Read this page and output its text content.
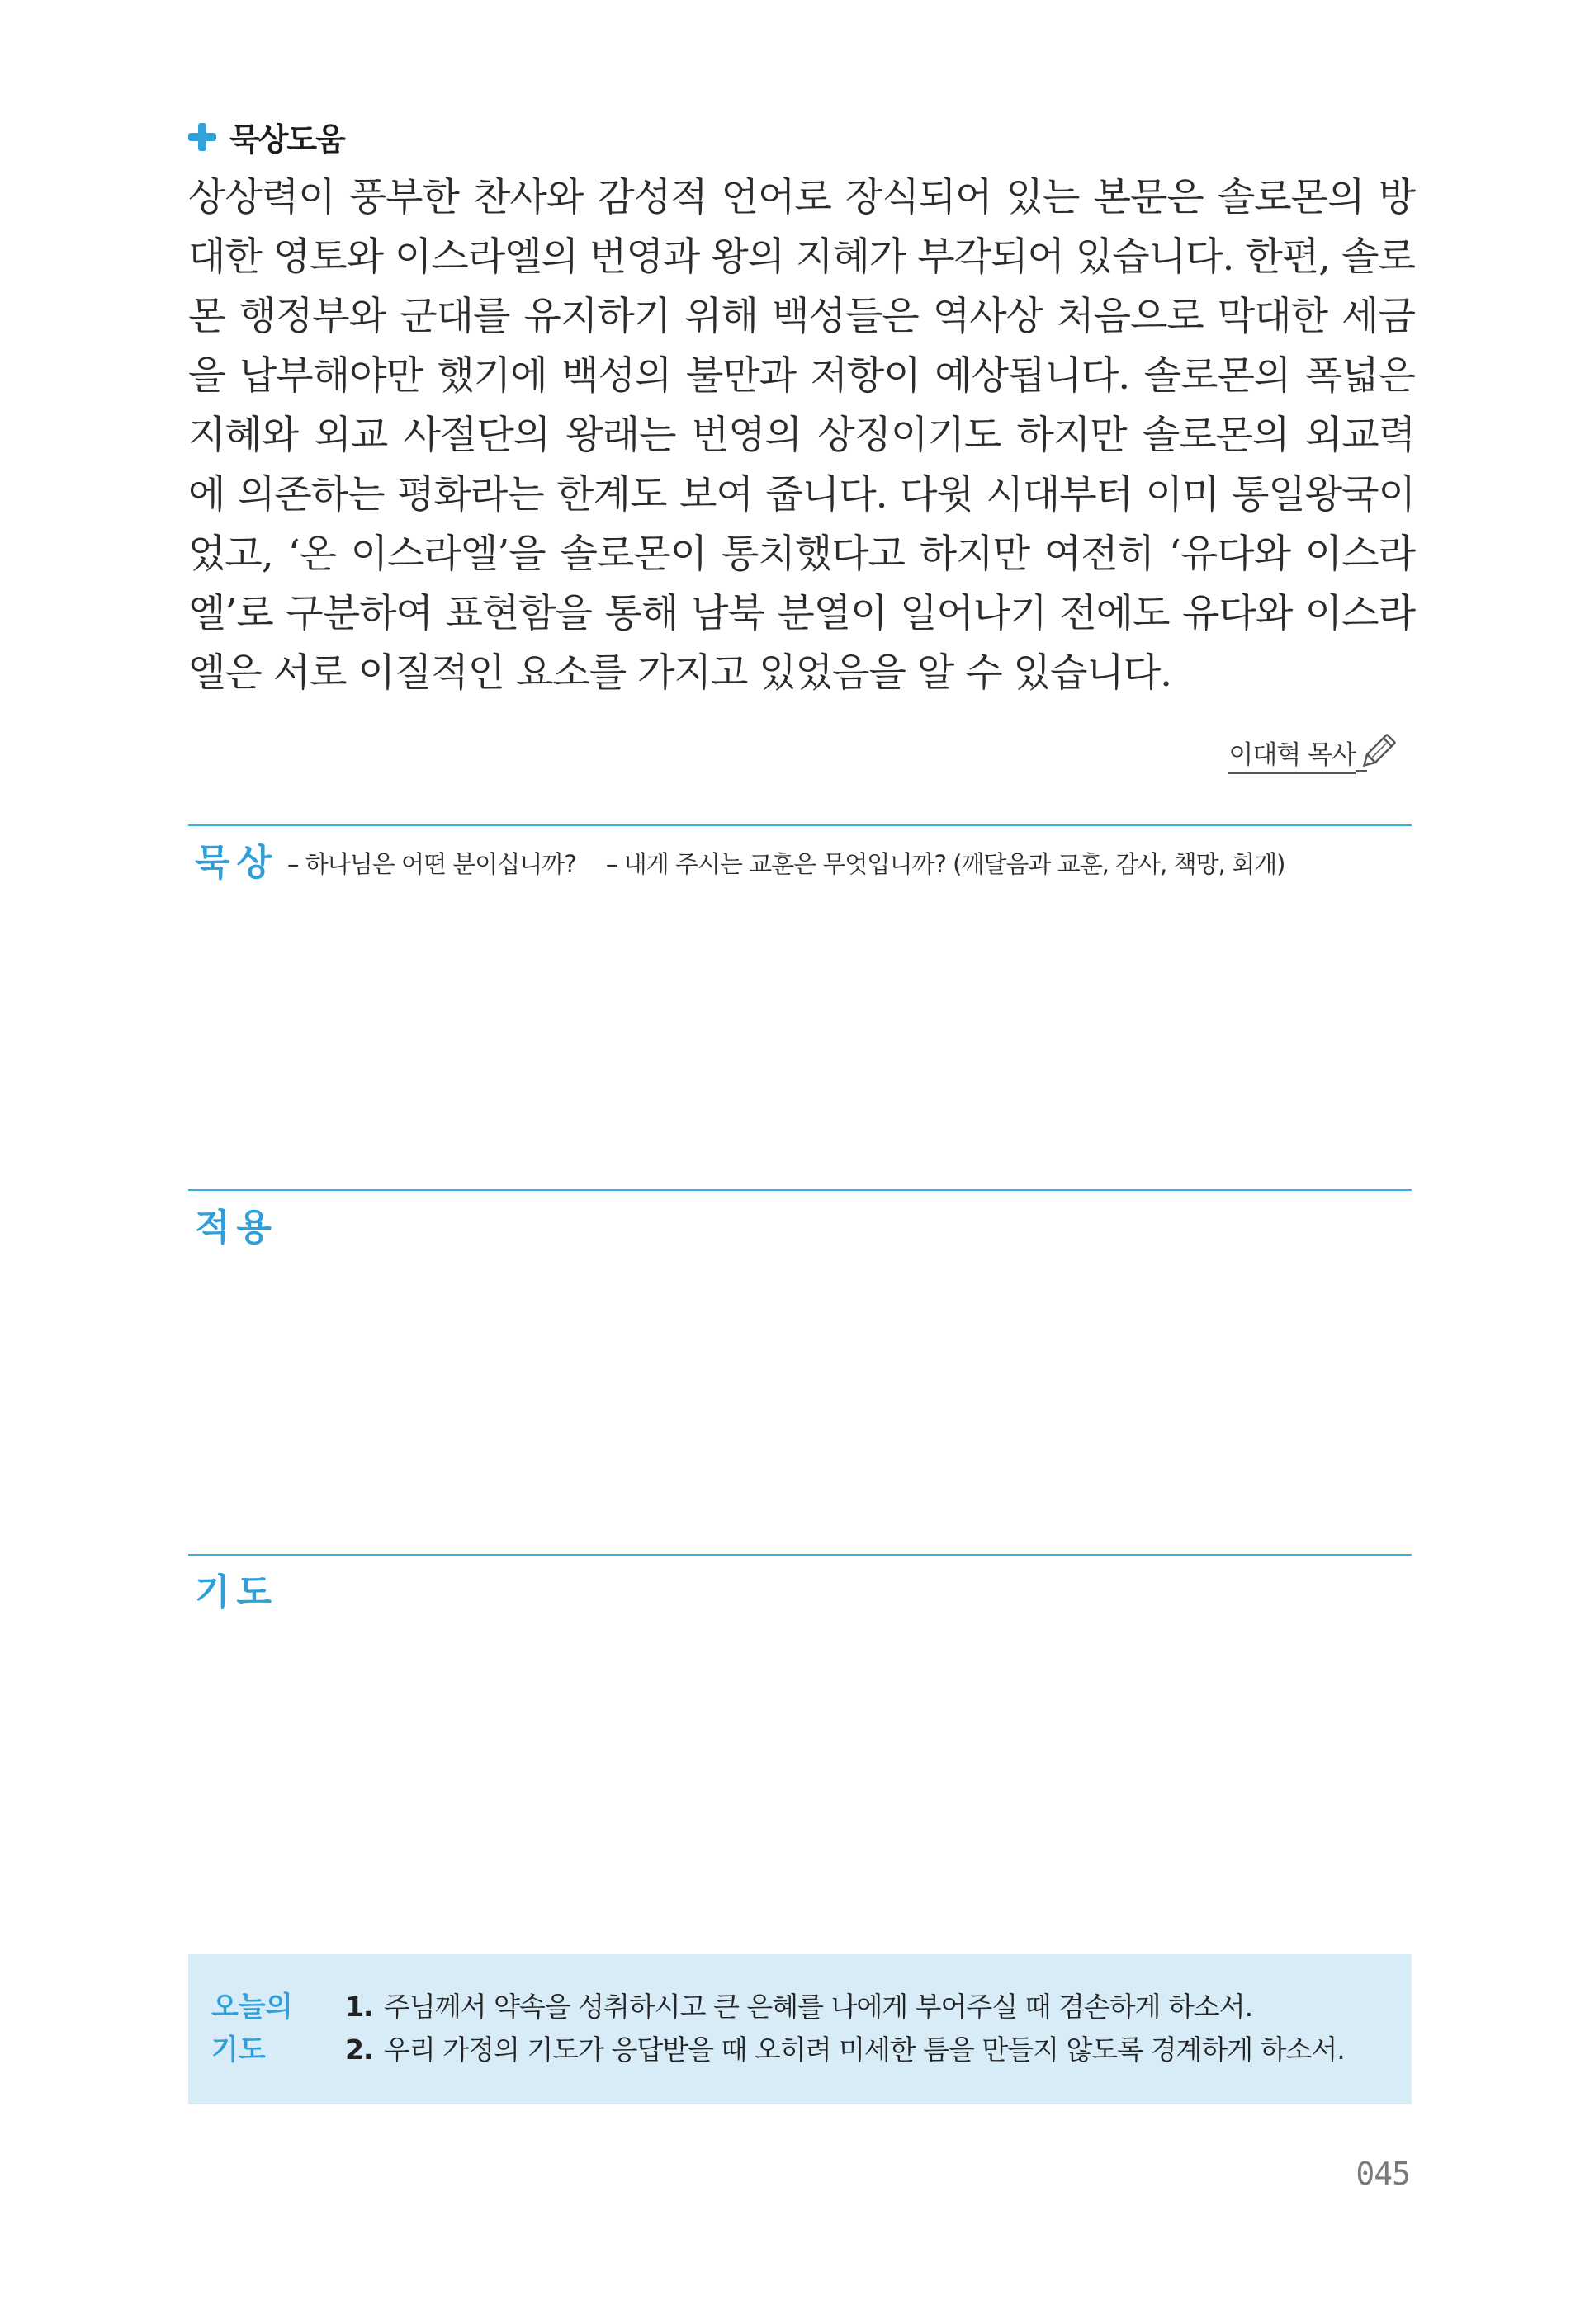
묵상도움

상상력이 풍부한 찬사와 감성적 언어로 장식되어 있는 본문은 솔로몬의 방대한 영토와 이스라엘의 번영과 왕의 지혜가 부각되어 있습니다. 한편, 솔로몬 행정부와 군대를 유지하기 위해 백성들은 역사상 처음으로 막대한 세금을 납부해야만 했기에 백성의 불만과 저항이 예상됩니다. 솔로몬의 폭넓은 지혜와 외교 사절단의 왕래는 번영의 상징이기도 하지만 솔로몬의 외교력에 의존하는 평화라는 한계도 보여 줍니다. 다윗 시대부터 이미 통일왕국이었고, ‘온 이스라엘’을 솔로몬이 통치했다고 하지만 여전히 ‘유다와 이스라엘’로 구분하여 표현함을 통해 남북 분열이 일어나기 전에도 유다와 이스라엘은 서로 이질적인 요소를 가지고 있었음을 알 수 있습니다.

이대혁 목사
묵상 – 하나님은 어떤 분이십니까? – 내게 주시는 교훈은 무엇입니까? (깨달음과 교훈, 감사, 책망, 회개)
적용
기도
오늘의
기도
1. 주님께서 약속을 성취하시고 큰 은혜를 나에게 부어주실 때 겸손하게 하소서.
2. 우리 가정의 기도가 응답받을 때 오히려 미세한 틈을 만들지 않도록 경계하게 하소서.
045
